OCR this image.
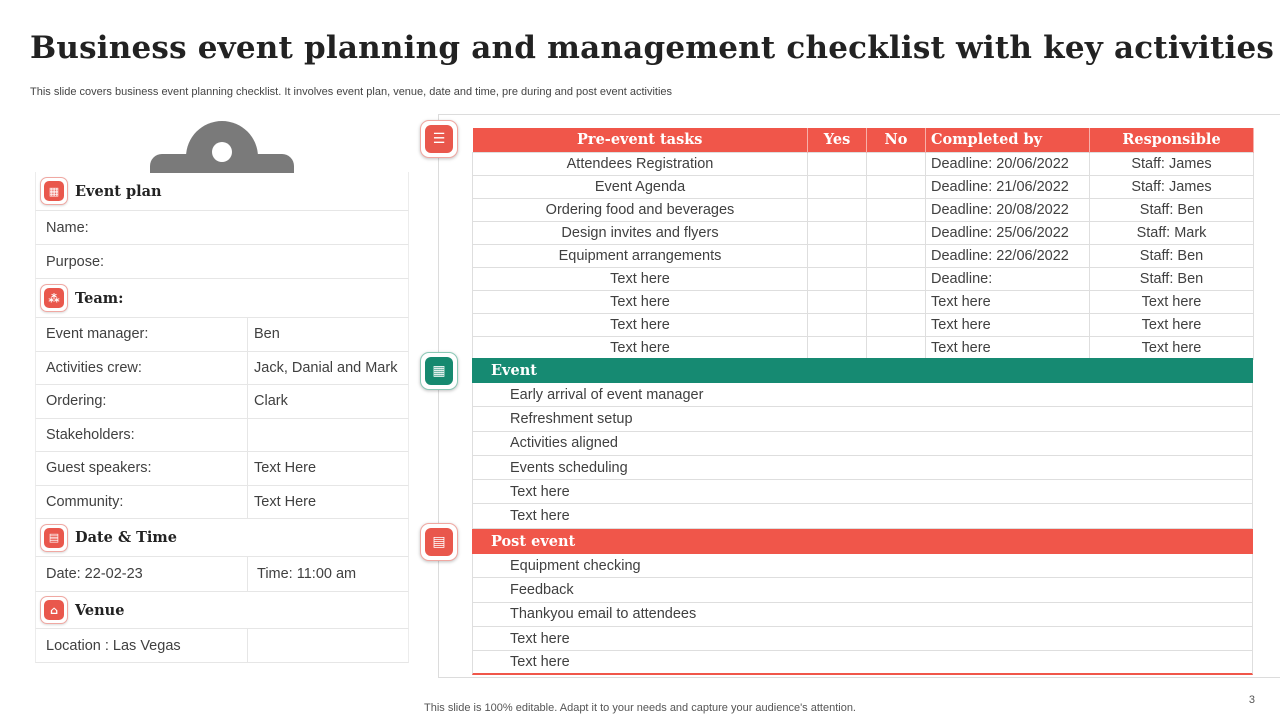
Business event planning and management checklist with key activities
This slide covers business event planning checklist. It involves event plan, venue, date and time, pre during and post event activities
▦	Event plan
Name:
Purpose:
⁂	Team:
Event manager:	Ben
Activities crew:	Jack, Danial and Mark
Ordering:	Clark
Stakeholders:
Guest speakers:	Text Here
Community:	Text Here
▤	Date & Time
Date: 22-02-23	Time: 11:00 am
⌂	Venue
Location : Las Vegas
☰
▦
▤
Pre-event tasks	Yes	No	Completed by	Responsible
Attendees Registration			Deadline: 20/06/2022	Staff: James
Event Agenda			Deadline: 21/06/2022	Staff: James
Ordering food and beverages			Deadline: 20/08/2022	Staff: Ben
Design invites and flyers			Deadline: 25/06/2022	Staff: Mark
Equipment arrangements			Deadline: 22/06/2022	Staff: Ben
Text here			Deadline:	Staff: Ben
Text here			Text here	Text here
Text here			Text here	Text here
Text here			Text here	Text here
Event
Early arrival of event manager
Refreshment setup
Activities aligned
Events scheduling
Text here
Text here
Post event
Equipment checking
Feedback
Thankyou email to attendees
Text here
Text here
This slide is 100% editable. Adapt it to your needs and capture your audience's attention.
3
